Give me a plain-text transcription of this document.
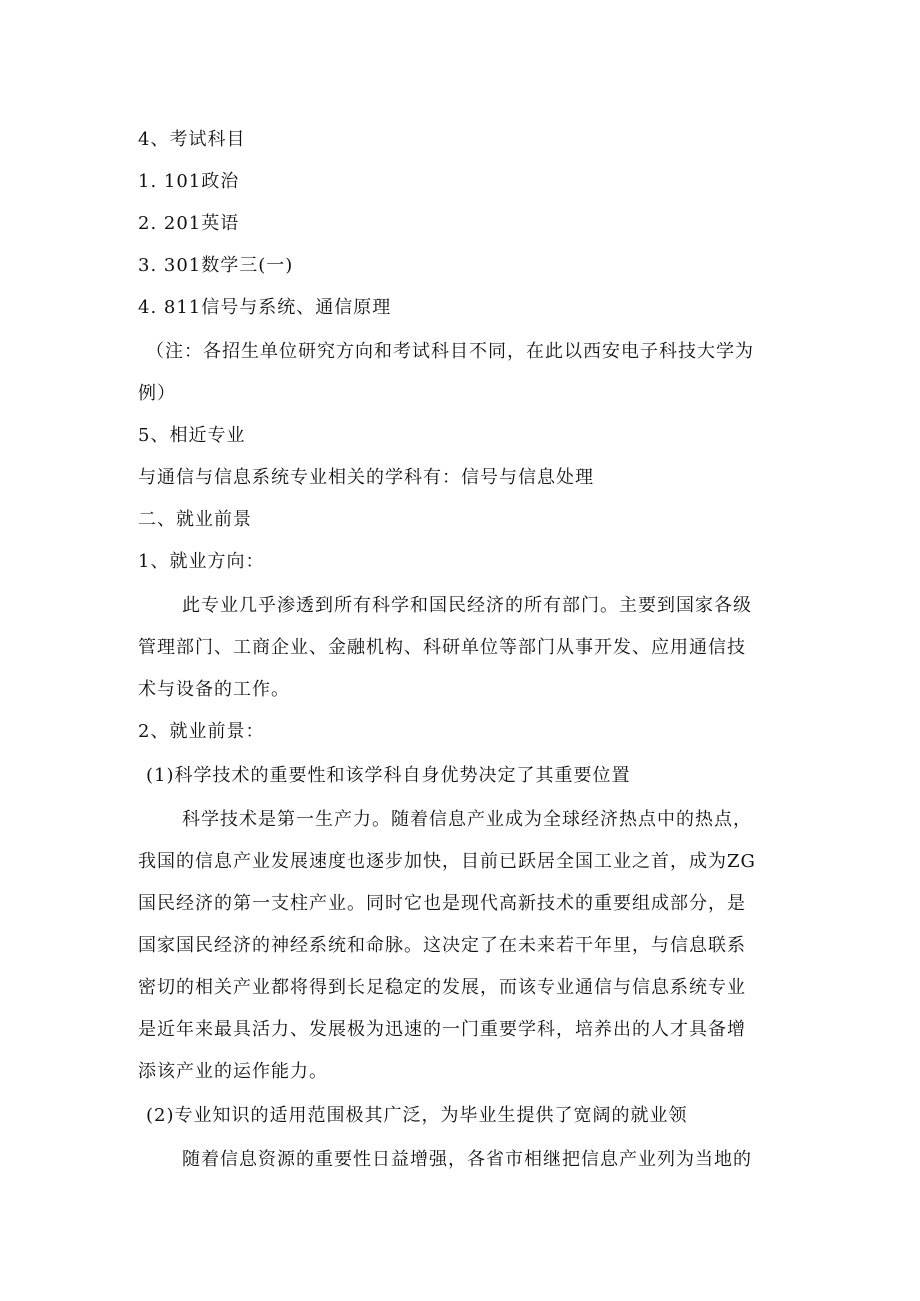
4、考试科目
1. 101政治
2. 201英语
3. 301数学三(一)
4. 811信号与系统、通信原理
（注：各招生单位研究方向和考试科目不同，在此以西安电子科技大学为
例）
5、相近专业
与通信与信息系统专业相关的学科有：信号与信息处理
二、就业前景
1、就业方向：
此专业几乎渗透到所有科学和国民经济的所有部门。主要到国家各级
管理部门、工商企业、金融机构、科研单位等部门从事开发、应用通信技
术与设备的工作。
2、就业前景：
(1)科学技术的重要性和该学科自身优势决定了其重要位置
科学技术是第一生产力。随着信息产业成为全球经济热点中的热点，
我国的信息产业发展速度也逐步加快，目前已跃居全国工业之首，成为ZG
国民经济的第一支柱产业。同时它也是现代高新技术的重要组成部分，是
国家国民经济的神经系统和命脉。这决定了在未来若干年里，与信息联系
密切的相关产业都将得到长足稳定的发展，而该专业通信与信息系统专业
是近年来最具活力、发展极为迅速的一门重要学科，培养出的人才具备增
添该产业的运作能力。
(2)专业知识的适用范围极其广泛，为毕业生提供了宽阔的就业领
随着信息资源的重要性日益增强，各省市相继把信息产业列为当地的
